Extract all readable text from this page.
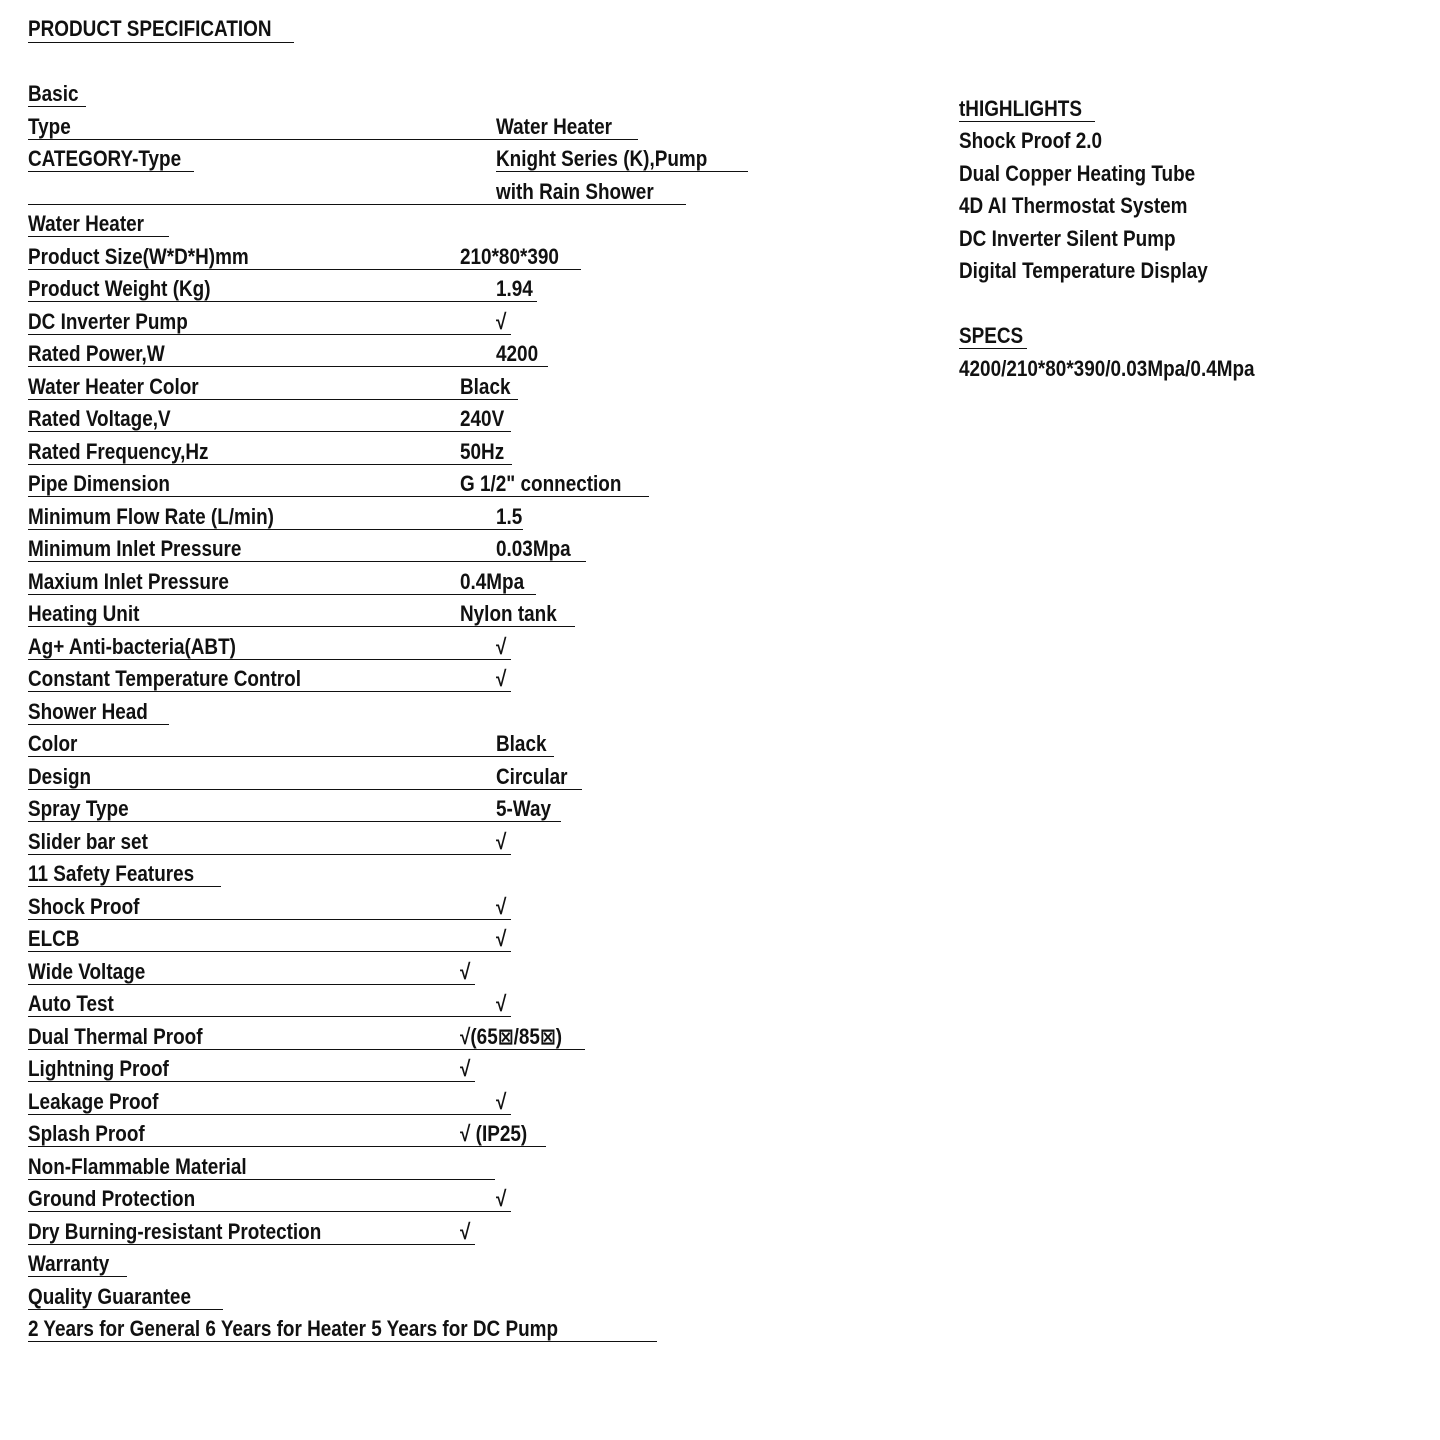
PRODUCT SPECIFICATION
Basic
Type	Water Heater
CATEGORY-Type	Knight Series (K),Pump
with Rain Shower
Water Heater
Product Size(W*D*H)mm	210*80*390
Product Weight (Kg)	1.94
DC Inverter Pump	√
Rated Power,W	4200
Water Heater Color	Black
Rated Voltage,V	240V
Rated Frequency,Hz	50Hz
Pipe Dimension	G 1/2" connection
Minimum Flow Rate (L/min)	1.5
Minimum Inlet Pressure	0.03Mpa
Maxium Inlet Pressure	0.4Mpa
Heating Unit	Nylon tank
Ag+ Anti-bacteria(ABT)	√
Constant Temperature Control	√
Shower Head
Color	Black
Design	Circular
Spray Type	5-Way
Slider bar set	√
11 Safety Features
Shock Proof	√
ELCB	√
Wide Voltage	√
Auto Test	√
Dual Thermal Proof	√(65⊠/85⊠)
Lightning Proof	√
Leakage Proof	√
Splash Proof	√ (IP25)
Non-Flammable Material
Ground Protection	√
Dry Burning-resistant Protection	√
Warranty
Quality Guarantee
2 Years for General 6 Years for Heater 5 Years for DC Pump
tHIGHLIGHTS
Shock Proof 2.0
Dual Copper Heating Tube
4D AI Thermostat System
DC Inverter Silent Pump
Digital Temperature Display
SPECS
4200/210*80*390/0.03Mpa/0.4Mpa
